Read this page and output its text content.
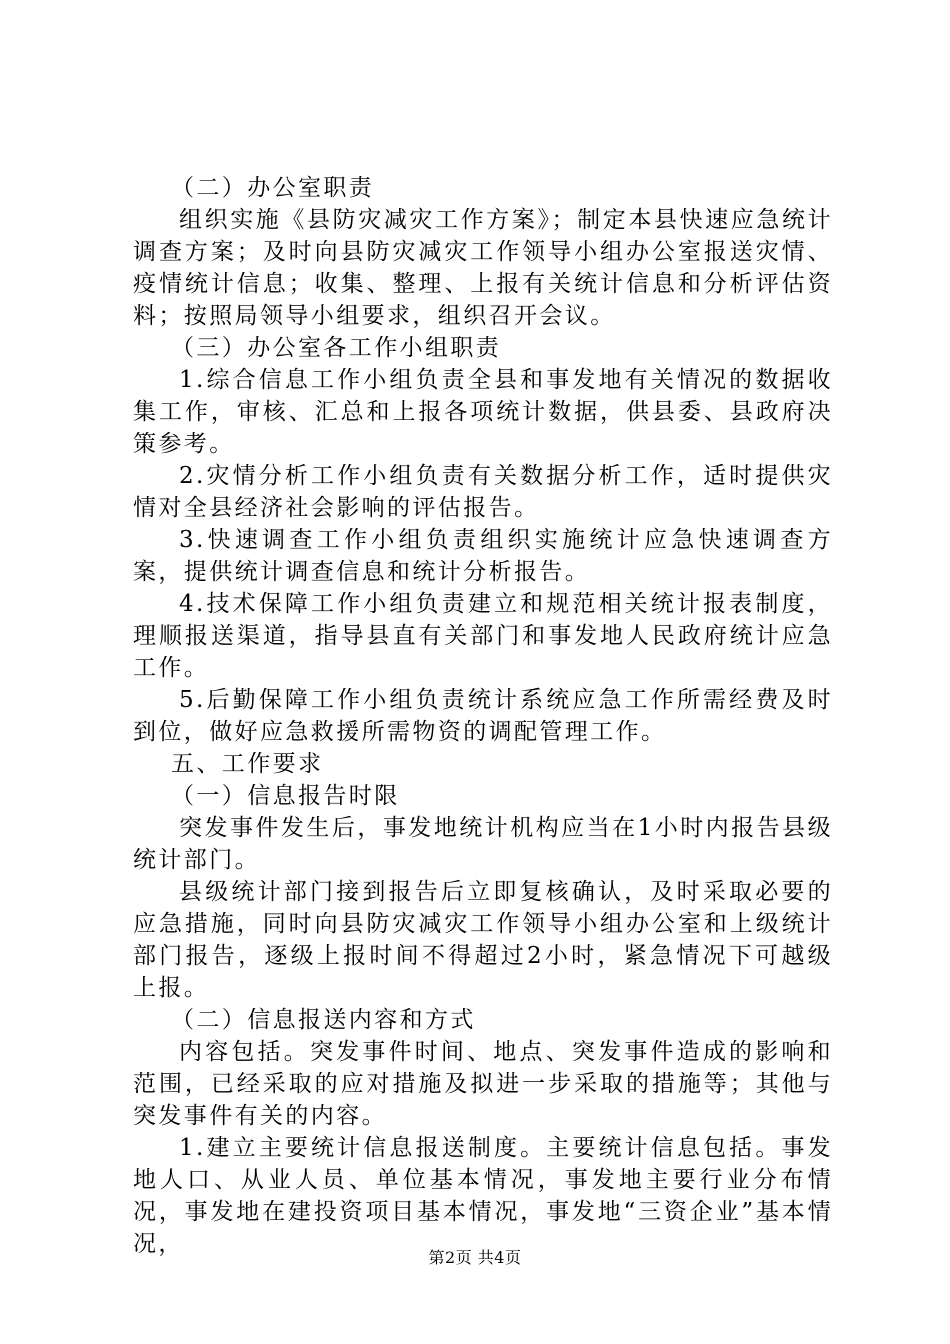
（二）办公室职责

组织实施《县防灾减灾工作方案》；制定本县快速应急统计调查方案；及时向县防灾减灾工作领导小组办公室报送灾情、疫情统计信息；收集、整理、上报有关统计信息和分析评估资料；按照局领导小组要求，组织召开会议。

（三）办公室各工作小组职责

1.综合信息工作小组负责全县和事发地有关情况的数据收集工作，审核、汇总和上报各项统计数据，供县委、县政府决策参考。

2.灾情分析工作小组负责有关数据分析工作，适时提供灾情对全县经济社会影响的评估报告。

3.快速调查工作小组负责组织实施统计应急快速调查方案，提供统计调查信息和统计分析报告。

4.技术保障工作小组负责建立和规范相关统计报表制度，理顺报送渠道，指导县直有关部门和事发地人民政府统计应急工作。

5.后勤保障工作小组负责统计系统应急工作所需经费及时到位，做好应急救援所需物资的调配管理工作。

五、工作要求

（一）信息报告时限

突发事件发生后，事发地统计机构应当在1小时内报告县级统计部门。

县级统计部门接到报告后立即复核确认，及时采取必要的应急措施，同时向县防灾减灾工作领导小组办公室和上级统计部门报告，逐级上报时间不得超过2小时，紧急情况下可越级上报。

（二）信息报送内容和方式

内容包括。突发事件时间、地点、突发事件造成的影响和范围，已经采取的应对措施及拟进一步采取的措施等；其他与突发事件有关的内容。

1.建立主要统计信息报送制度。主要统计信息包括。事发地人口、从业人员、单位基本情况，事发地主要行业分布情况，事发地在建投资项目基本情况，事发地“三资企业”基本情况，

第2页 共4页
